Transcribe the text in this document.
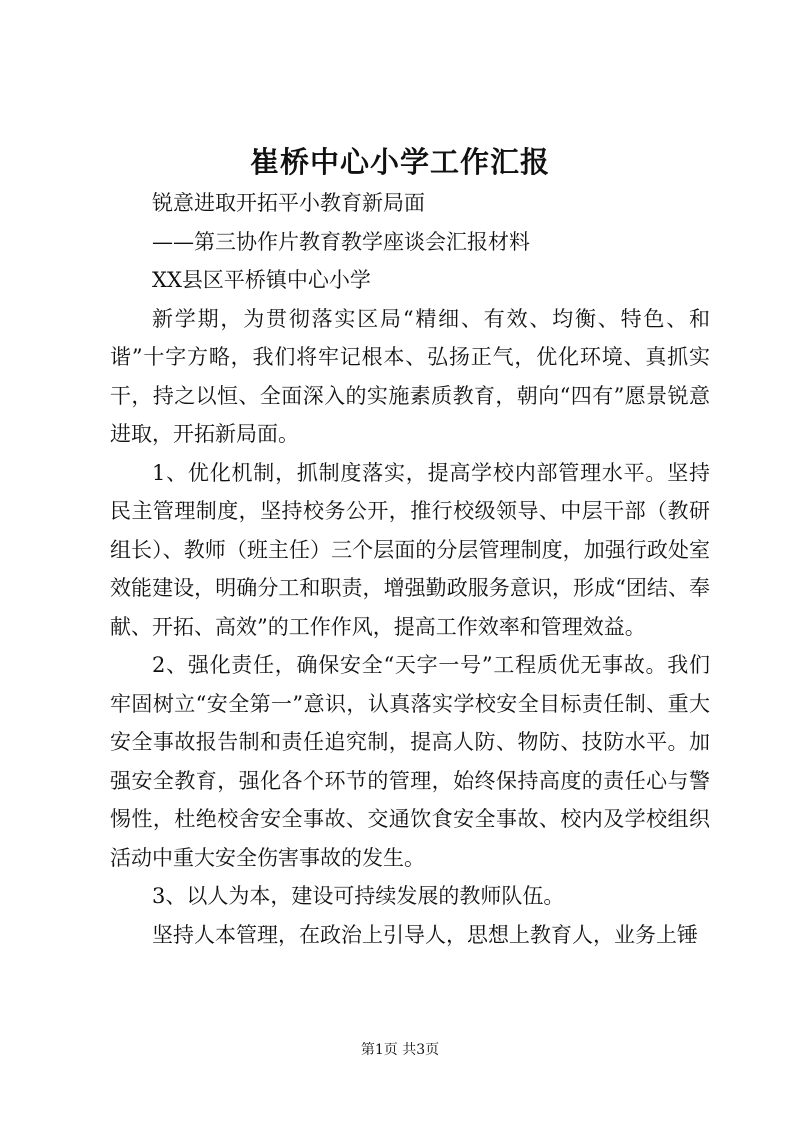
崔桥中心小学工作汇报

锐意进取开拓平小教育新局面

——第三协作片教育教学座谈会汇报材料

XX县区平桥镇中心小学

新学期，为贯彻落实区局“精细、有效、均衡、特色、和谐”十字方略，我们将牢记根本、弘扬正气，优化环境、真抓实干，持之以恒、全面深入的实施素质教育，朝向“四有”愿景锐意进取，开拓新局面。

1、优化机制，抓制度落实，提高学校内部管理水平。坚持民主管理制度，坚持校务公开，推行校级领导、中层干部（教研组长）、教师（班主任）三个层面的分层管理制度，加强行政处室效能建设，明确分工和职责，增强勤政服务意识，形成“团结、奉献、开拓、高效”的工作作风，提高工作效率和管理效益。

2、强化责任，确保安全“天字一号”工程质优无事故。我们牢固树立“安全第一”意识，认真落实学校安全目标责任制、重大安全事故报告制和责任追究制，提高人防、物防、技防水平。加强安全教育，强化各个环节的管理，始终保持高度的责任心与警惕性，杜绝校舍安全事故、交通饮食安全事故、校内及学校组织活动中重大安全伤害事故的发生。

3、以人为本，建设可持续发展的教师队伍。

坚持人本管理，在政治上引导人，思想上教育人，业务上锤

第1页 共3页
